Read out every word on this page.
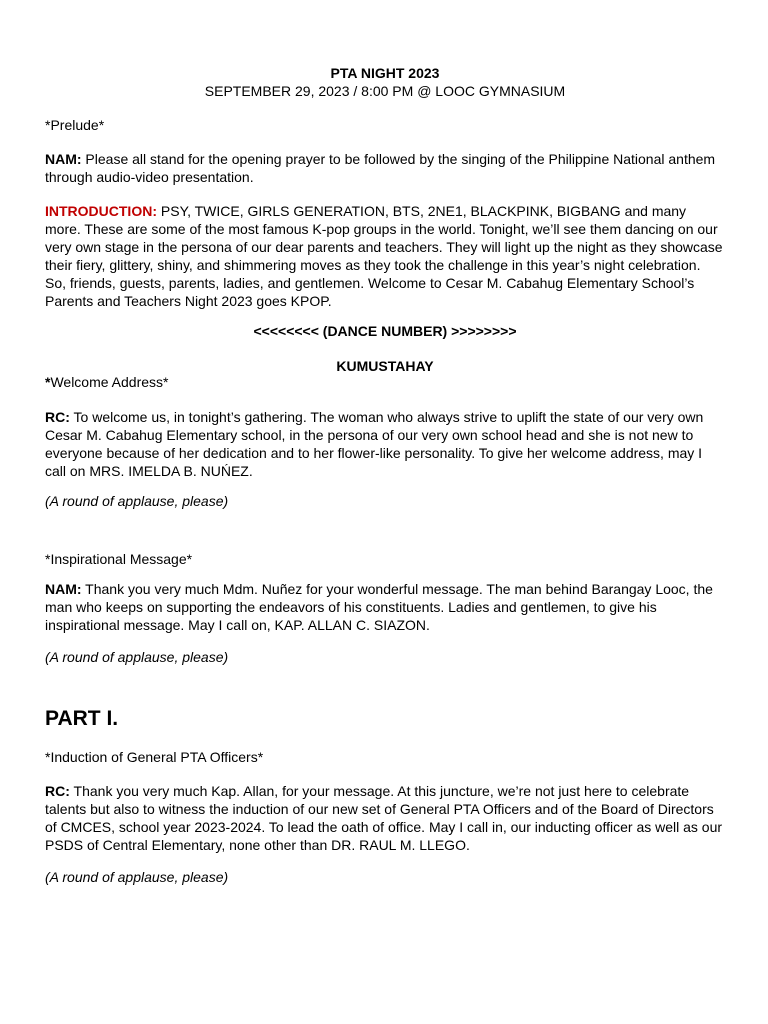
PTA NIGHT 2023

SEPTEMBER 29, 2023 / 8:00 PM @ LOOC GYMNASIUM

*Prelude*

NAM: Please all stand for the opening prayer to be followed by the singing of the Philippine National anthem through audio-video presentation.

INTRODUCTION: PSY, TWICE, GIRLS GENERATION, BTS, 2NE1, BLACKPINK, BIGBANG and many more. These are some of the most famous K-pop groups in the world. Tonight, we’ll see them dancing on our very own stage in the persona of our dear parents and teachers. They will light up the night as they showcase their fiery, glittery, shiny, and shimmering moves as they took the challenge in this year’s night celebration. So, friends, guests, parents, ladies, and gentlemen. Welcome to Cesar M. Cabahug Elementary School’s Parents and Teachers Night 2023 goes KPOP.

<<<<<<<< (DANCE NUMBER) >>>>>>>>

KUMUSTAHAY

*Welcome Address*

RC: To welcome us, in tonight’s gathering. The woman who always strive to uplift the state of our very own Cesar M. Cabahug Elementary school, in the persona of our very own school head and she is not new to everyone because of her dedication and to her flower-like personality. To give her welcome address, may I call on MRS. IMELDA B. NUŃEZ.

(A round of applause, please)

*Inspirational Message*

NAM: Thank you very much Mdm. Nuñez for your wonderful message. The man behind Barangay Looc, the man who keeps on supporting the endeavors of his constituents. Ladies and gentlemen, to give his inspirational message. May I call on, KAP. ALLAN C. SIAZON.

(A round of applause, please)

PART I.

*Induction of General PTA Officers*

RC: Thank you very much Kap. Allan, for your message. At this juncture, we’re not just here to celebrate talents but also to witness the induction of our new set of General PTA Officers and of the Board of Directors of CMCES, school year 2023-2024. To lead the oath of office. May I call in, our inducting officer as well as our PSDS of Central Elementary, none other than DR. RAUL M. LLEGO.

(A round of applause, please)
